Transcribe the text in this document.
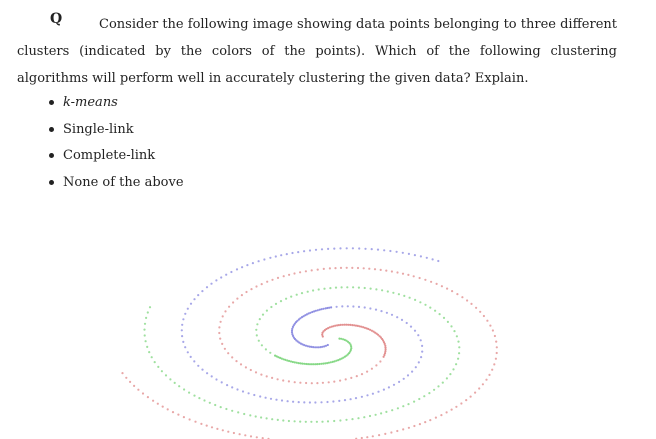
Q	Consider the following image showing data points belonging to three different clusters (indicated by the colors of the points). Which of the following clustering algorithms will perform well in accurately clustering the given data? Explain.

k-means
Single-link
Complete-link
None of the above
